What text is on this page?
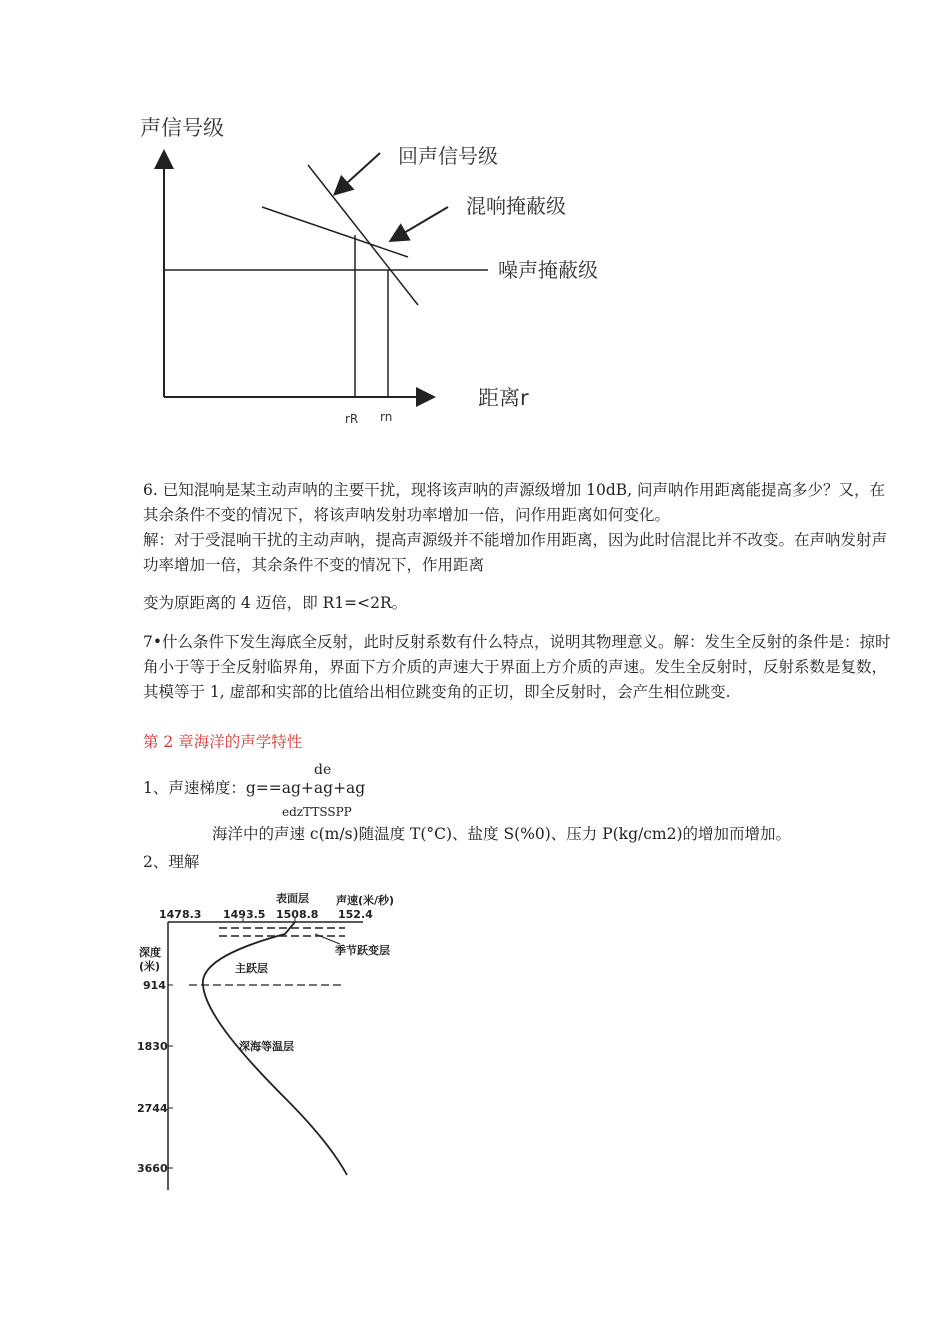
声信号级
距离r
回声信号级
混响掩蔽级
噪声掩蔽级
rR rn

6. 已知混响是某主动声呐的主要干扰，现将该声呐的声源级增加 10dB, 问声呐作用距离能提高多少？又，在其余条件不变的情况下，将该声呐发射功率增加一倍，问作用距离如何变化。

解：对于受混响干扰的主动声呐，提高声源级并不能增加作用距离，因为此时信混比并不改变。在声呐发射声功率增加一倍，其余条件不变的情况下，作用距离

变为原距离的 4 迈倍，即 R1=<2R。

7•什么条件下发生海底全反射，此时反射系数有什么特点，说明其物理意义。解：发生全反射的条件是：掠时角小于等于全反射临界角，界面下方介质的声速大于界面上方介质的声速。发生全反射时，反射系数是复数，其模等于 1, 虚部和实部的比值给出相位跳变角的正切，即全反射时，会产生相位跳变.

第 2 章海洋的声学特性

de
1、声速梯度：g==ag+ag+ag
edzTTSSPP
海洋中的声速 c(m/s)随温度 T(°C)、盐度 S(%0)、压力 P(kg/cm2)的增加而增加。
2、理解
1478.3 1493.5 1508.8 152.4
表面层 声速(米/秒)
深度
(米)
914
1830
2744
3660
季节跃变层
主跃层
深海等温层
